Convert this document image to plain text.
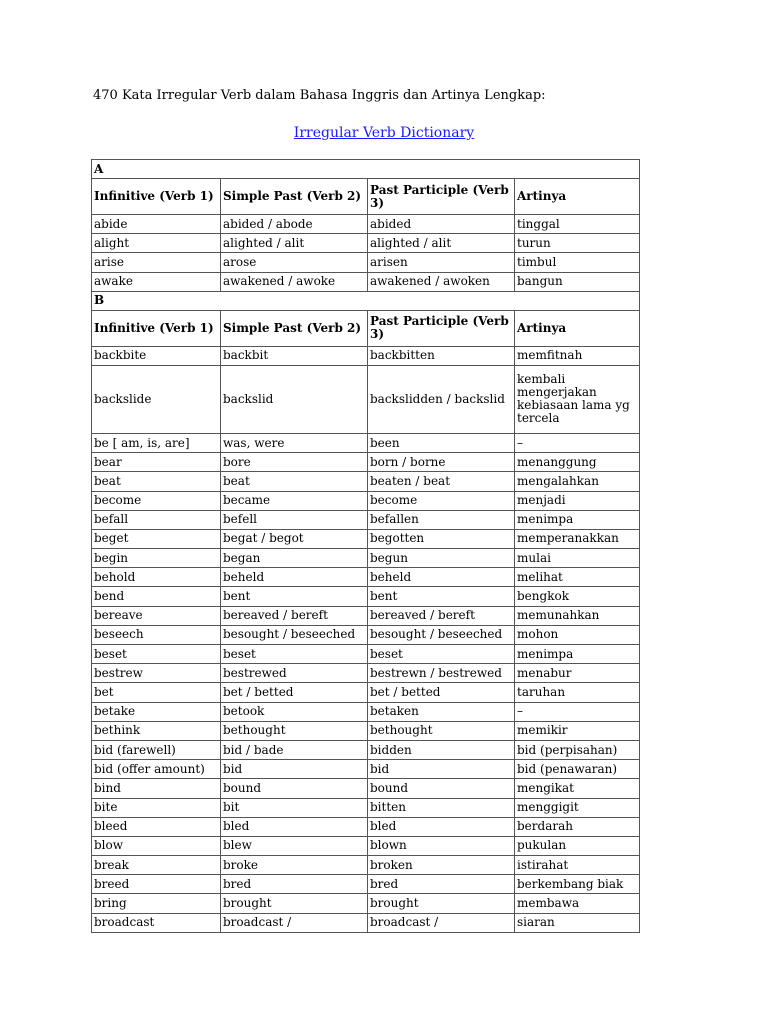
470 Kata Irregular Verb dalam Bahasa Inggris dan Artinya Lengkap:
Irregular Verb Dictionary
A			
Infinitive (Verb 1)	Simple Past (Verb 2)	Past Participle (Verb 3)	Artinya
abide	abided / abode	abided	tinggal
alight	alighted / alit	alighted / alit	turun
arise	arose	arisen	timbul
awake	awakened / awoke	awakened / awoken	bangun
B			
Infinitive (Verb 1)	Simple Past (Verb 2)	Past Participle (Verb 3)	Artinya
backbite	backbit	backbitten	memfitnah
backslide	backslid	backslidden / backslid	kembali mengerjakan kebiasaan lama yg tercela
be [ am, is, are]	was, were	been	–
bear	bore	born / borne	menanggung
beat	beat	beaten / beat	mengalahkan
become	became	become	menjadi
befall	befell	befallen	menimpa
beget	begat / begot	begotten	memperanakkan
begin	began	begun	mulai
behold	beheld	beheld	melihat
bend	bent	bent	bengkok
bereave	bereaved / bereft	bereaved / bereft	memunahkan
beseech	besought / beseeched	besought / beseeched	mohon
beset	beset	beset	menimpa
bestrew	bestrewed	bestrewn / bestrewed	menabur
bet	bet / betted	bet / betted	taruhan
betake	betook	betaken	–
bethink	bethought	bethought	memikir
bid (farewell)	bid / bade	bidden	bid (perpisahan)
bid (offer amount)	bid	bid	bid (penawaran)
bind	bound	bound	mengikat
bite	bit	bitten	menggigit
bleed	bled	bled	berdarah
blow	blew	blown	pukulan
break	broke	broken	istirahat
breed	bred	bred	berkembang biak
bring	brought	brought	membawa
broadcast	broadcast /	broadcast /	siaran
